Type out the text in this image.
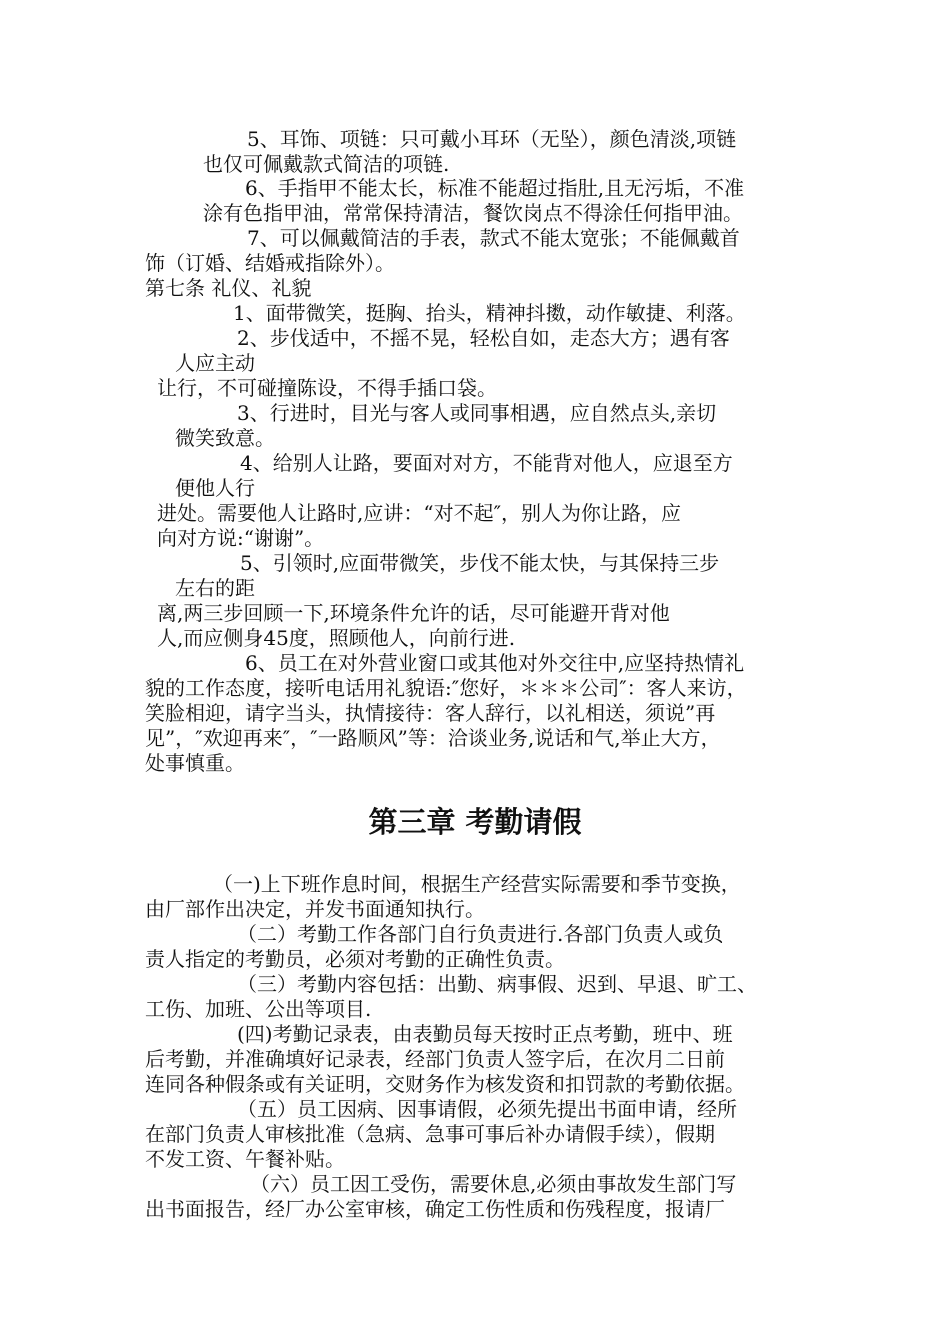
5、耳饰、项链：只可戴小耳环（无坠），颜色清淡,项链
也仅可佩戴款式简洁的项链.
6、手指甲不能太长，标准不能超过指肚,且无污垢，不准
涂有色指甲油，常常保持清洁，餐饮岗点不得涂任何指甲油。
7、可以佩戴简洁的手表，款式不能太宽张；不能佩戴首
饰（订婚、结婚戒指除外）。
第七条 礼仪、礼貌
1、面带微笑，挺胸、抬头，精神抖擞，动作敏捷、利落。
2、步伐适中，不摇不晃，轻松自如，走态大方；遇有客
人应主动
让行，不可碰撞陈设，不得手插口袋。
3、行进时，目光与客人或同事相遇，应自然点头,亲切
微笑致意。
4、给别人让路，要面对对方，不能背对他人，应退至方
便他人行
进处。需要他人让路时,应讲：“对不起″，别人为你让路，应
向对方说:“谢谢”。
5、引领时,应面带微笑，步伐不能太快，与其保持三步
左右的距
离,两三步回顾一下,环境条件允许的话，尽可能避开背对他
人,而应侧身45度，照顾他人，向前行进.
6、员工在对外营业窗口或其他对外交往中,应坚持热情礼
貌的工作态度，接听电话用礼貌语:″您好，＊＊＊公司″：客人来访，
笑脸相迎，请字当头，执情接待：客人辞行，以礼相送，须说”再
见”，″欢迎再来″，″一路顺风”等：洽谈业务,说话和气,举止大方，
处事慎重。
第三章 考勤请假
（一)上下班作息时间，根据生产经营实际需要和季节变换，
由厂部作出决定，并发书面通知执行。
（二）考勤工作各部门自行负责进行.各部门负责人或负
责人指定的考勤员，必须对考勤的正确性负责。
（三）考勤内容包括：出勤、病事假、迟到、早退、旷工、
工伤、加班、公出等项目.
(四)考勤记录表，由表勤员每天按时正点考勤，班中、班
后考勤，并准确填好记录表，经部门负责人签字后，在次月二日前
连同各种假条或有关证明，交财务作为核发资和扣罚款的考勤依据。
（五）员工因病、因事请假，必须先提出书面申请，经所
在部门负责人审核批准（急病、急事可事后补办请假手续），假期
不发工资、午餐补贴。
（六）员工因工受伤，需要休息,必须由事故发生部门写
出书面报告，经厂办公室审核，确定工伤性质和伤残程度，报请厂
